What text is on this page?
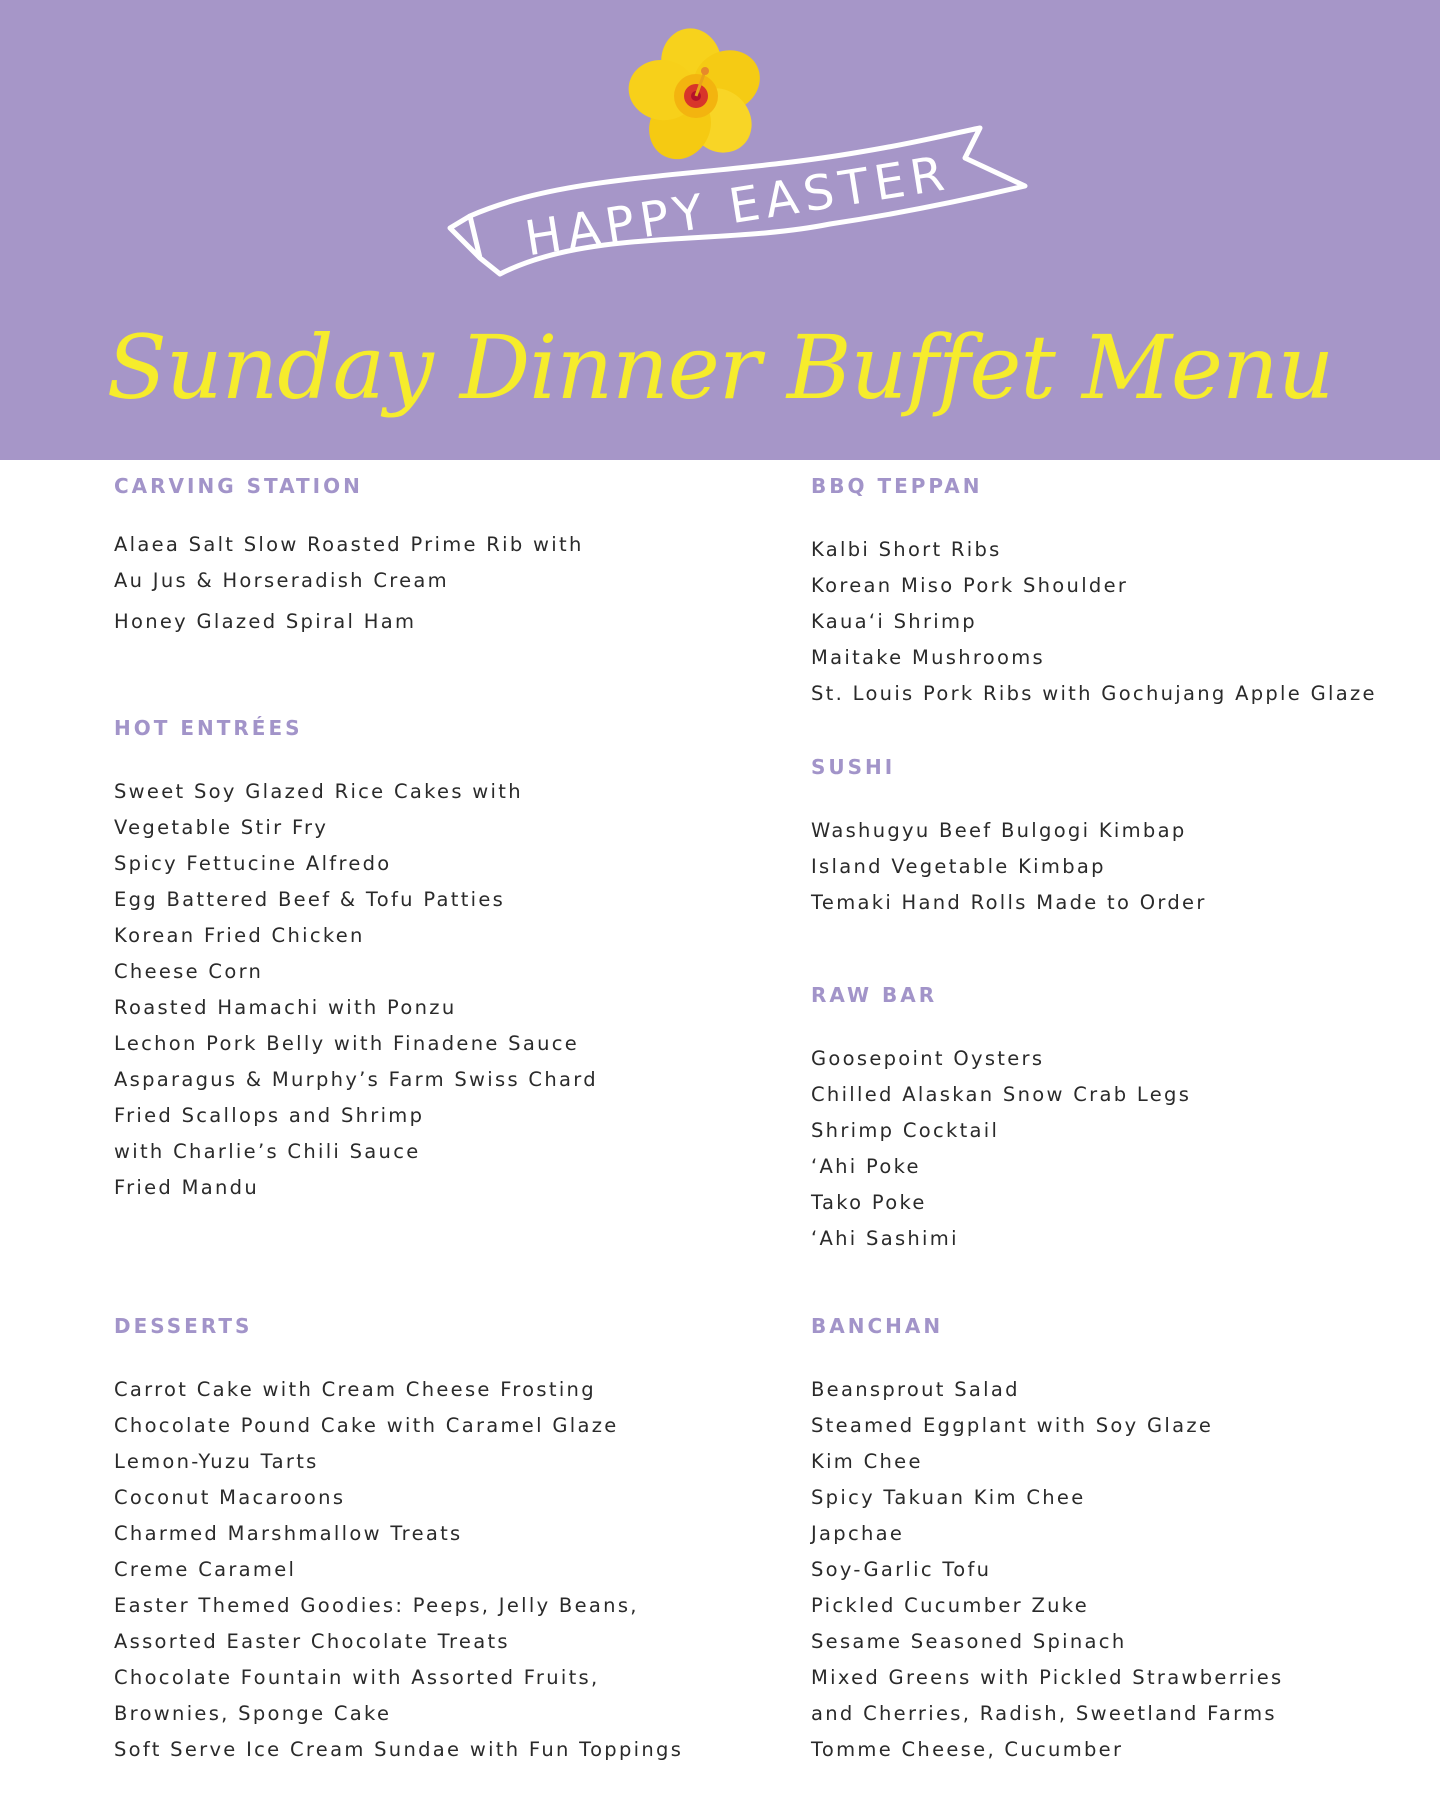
HAPPY EASTER
Sunday Dinner Buffet Menu
CARVING STATION
Alaea Salt Slow Roasted Prime Rib with
Au Jus & Horseradish Cream
Honey Glazed Spiral Ham
HOT ENTRÉES
Sweet Soy Glazed Rice Cakes with
Vegetable Stir Fry
Spicy Fettucine Alfredo
Egg Battered Beef & Tofu Patties
Korean Fried Chicken
Cheese Corn
Roasted Hamachi with Ponzu
Lechon Pork Belly with Finadene Sauce
Asparagus & Murphy’s Farm Swiss Chard
Fried Scallops and Shrimp
with Charlie’s Chili Sauce
Fried Mandu
DESSERTS
Carrot Cake with Cream Cheese Frosting
Chocolate Pound Cake with Caramel Glaze
Lemon-Yuzu Tarts
Coconut Macaroons
Charmed Marshmallow Treats
Creme Caramel
Easter Themed Goodies: Peeps, Jelly Beans,
Assorted Easter Chocolate Treats
Chocolate Fountain with Assorted Fruits,
Brownies, Sponge Cake
Soft Serve Ice Cream Sundae with Fun Toppings
BBQ TEPPAN
Kalbi Short Ribs
Korean Miso Pork Shoulder
Kaua‘i Shrimp
Maitake Mushrooms
St. Louis Pork Ribs with Gochujang Apple Glaze
SUSHI
Washugyu Beef Bulgogi Kimbap
Island Vegetable Kimbap
Temaki Hand Rolls Made to Order
RAW BAR
Goosepoint Oysters
Chilled Alaskan Snow Crab Legs
Shrimp Cocktail
‘Ahi Poke
Tako Poke
‘Ahi Sashimi
BANCHAN
Beansprout Salad
Steamed Eggplant with Soy Glaze
Kim Chee
Spicy Takuan Kim Chee
Japchae
Soy-Garlic Tofu
Pickled Cucumber Zuke
Sesame Seasoned Spinach
Mixed Greens with Pickled Strawberries
and Cherries, Radish, Sweetland Farms
Tomme Cheese, Cucumber
